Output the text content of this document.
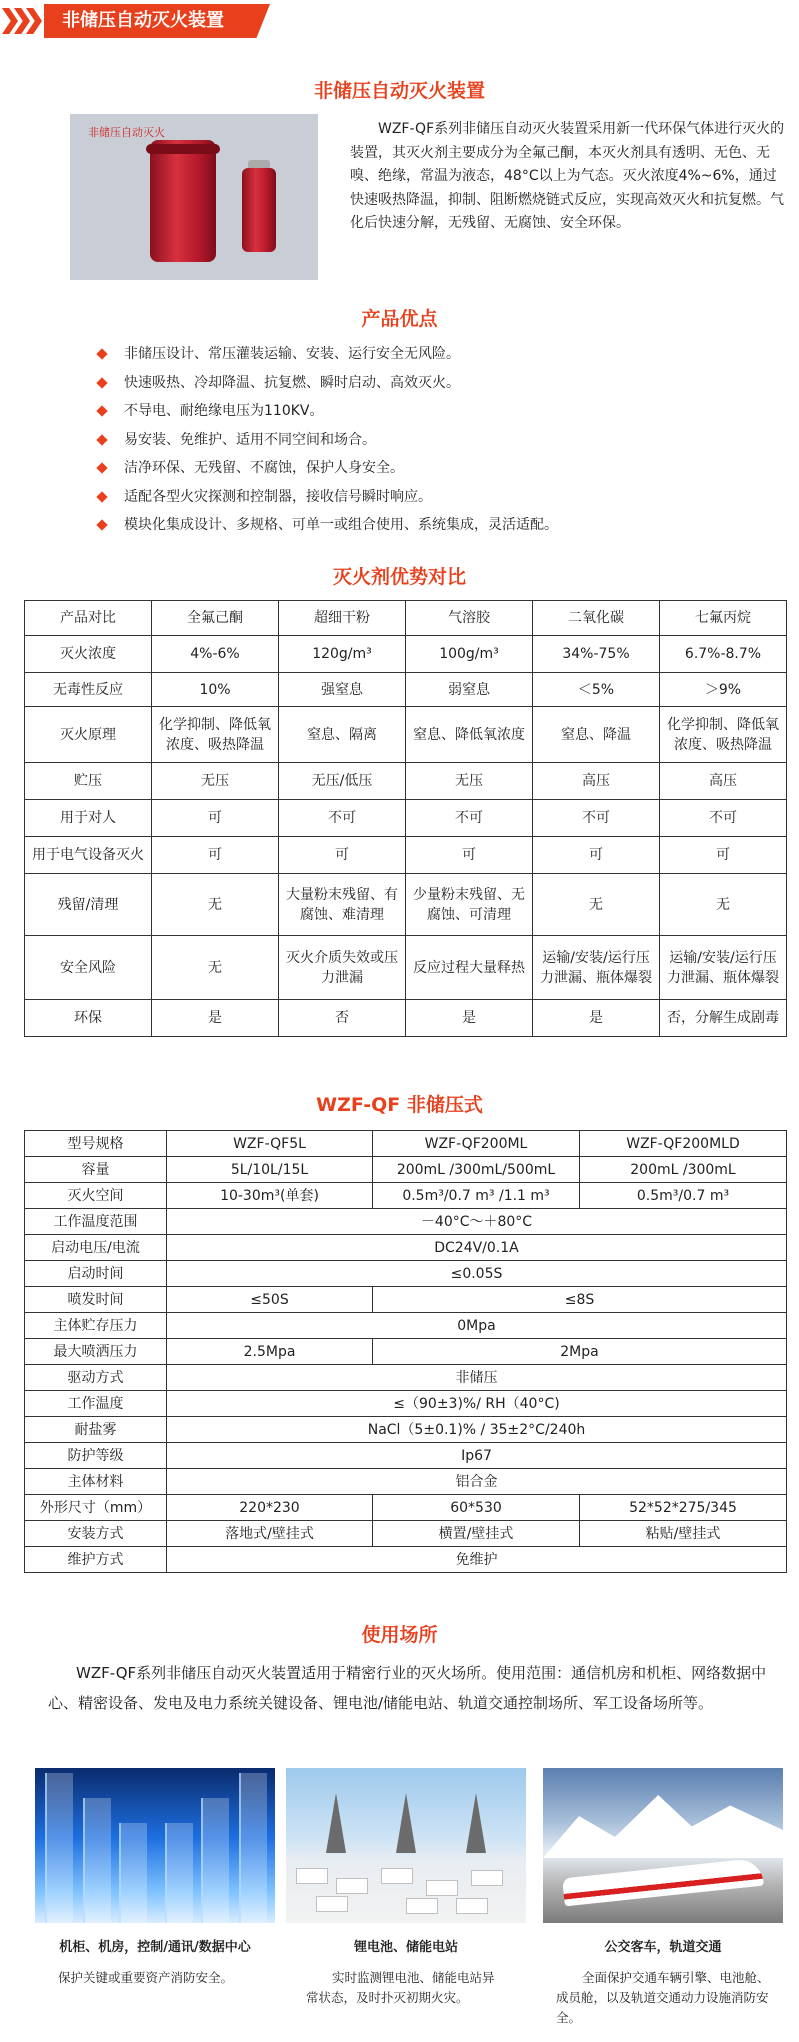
非储压自动灭火装置
非储压自动灭火装置
非储压自动灭火	WZF-QF系列非储压自动灭火装置采用新一代环保气体进行灭火的装置，其灭火剂主要成分为全氟己酮，本灭火剂具有透明、无色、无嗅、绝缘，常温为液态，48°C以上为气态。灭火浓度4%~6%，通过快速吸热降温，抑制、阻断燃烧链式反应，实现高效灭火和抗复燃。气化后快速分解，无残留、无腐蚀、安全环保。
产品优点
非储压设计、常压灌装运输、安装、运行安全无风险。
快速吸热、冷却降温、抗复燃、瞬时启动、高效灭火。
不导电、耐绝缘电压为110KV。
易安装、免维护、适用不同空间和场合。
洁净环保、无残留、不腐蚀，保护人身安全。
适配各型火灾探测和控制器，接收信号瞬时响应。
模块化集成设计、多规格、可单一或组合使用、系统集成，灵活适配。
灭火剂优势对比
产品对比	全氟己酮	超细干粉	气溶胶	二氧化碳	七氟丙烷
灭火浓度	4%-6%	120g/m³	100g/m³	34%-75%	6.7%-8.7%
无毒性反应	10%	强窒息	弱窒息	＜5%	＞9%
灭火原理	化学抑制、降低氧浓度、吸热降温	窒息、隔离	窒息、降低氧浓度	窒息、降温	化学抑制、降低氧浓度、吸热降温
贮压	无压	无压/低压	无压	高压	高压
用于对人	可	不可	不可	不可	不可
用于电气设备灭火	可	可	可	可	可
残留/清理	无	大量粉末残留、有腐蚀、难清理	少量粉末残留、无腐蚀、可清理	无	无
安全风险	无	灭火介质失效或压力泄漏	反应过程大量释热	运输/安装/运行压力泄漏、瓶体爆裂	运输/安装/运行压力泄漏、瓶体爆裂
环保	是	否	是	是	否，分解生成剧毒
WZF-QF 非储压式
型号规格	WZF-QF5L	WZF-QF200ML	WZF-QF200MLD
容量	5L/10L/15L	200mL /300mL/500mL	200mL /300mL
灭火空间	10-30m³(单套)	0.5m³/0.7 m³ /1.1 m³	0.5m³/0.7 m³
工作温度范围	－40°C～＋80°C		
启动电压/电流	DC24V/0.1A		
启动时间	≤0.05S		
喷发时间	≤50S	≤8S	
主体贮存压力	0Mpa		
最大喷洒压力	2.5Mpa	2Mpa	
驱动方式	非储压		
工作温度	≤（90±3)%/ RH（40°C)		
耐盐雾	NaCl（5±0.1)% / 35±2°C/240h		
防护等级	Ip67		
主体材料	铝合金		
外形尺寸（mm）	220*230	60*530	52*52*275/345
安装方式	落地式/壁挂式	横置/壁挂式	粘贴/壁挂式
维护方式	免维护		
使用场所
WZF-QF系列非储压自动灭火装置适用于精密行业的灭火场所。使用范围：通信机房和机柜、网络数据中心、精密设备、发电及电力系统关键设备、锂电池/储能电站、轨道交通控制场所、军工设备场所等。
机柜、机房，控制/通讯/数据中心	锂电池、储能电站	公交客车，轨道交通
保护关键或重要资产消防安全。	实时监测锂电池、储能电站异常状态，及时扑灭初期火灾。
全面保护交通车辆引擎、电池舱、成员舱，以及轨道交通动力设施消防安全。
